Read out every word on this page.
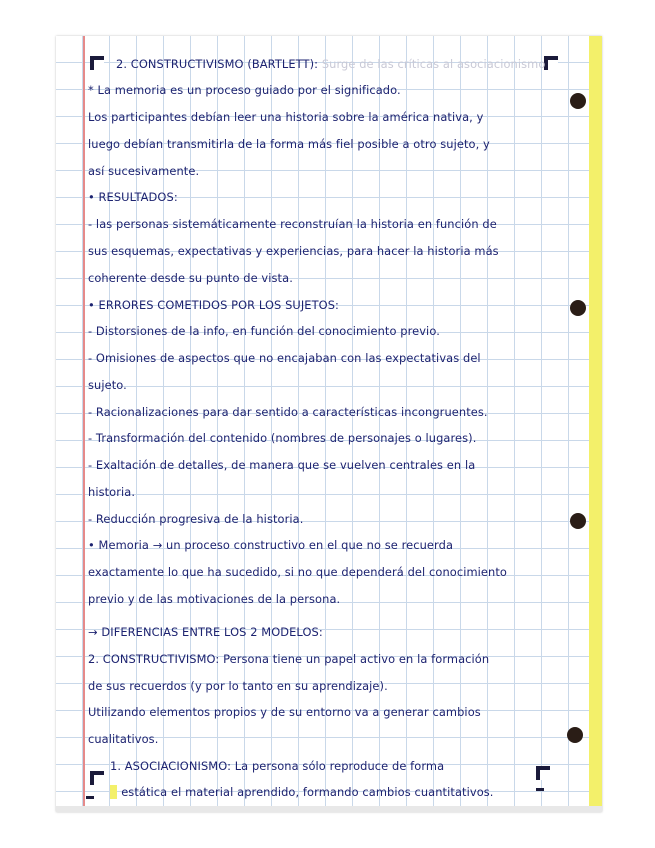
2. CONSTRUCTIVISMO (BARTLETT): Surge de las críticas al asociacionismo

* La memoria es un proceso guiado por el significado.

Los participantes debían leer una historia sobre la américa nativa, y

luego debían transmitirla de la forma más fiel posible a otro sujeto, y

así sucesivamente.

• RESULTADOS:

- las personas sistemáticamente reconstruían la historia en función de

sus esquemas, expectativas y experiencias, para hacer la historia más

coherente desde su punto de vista.

• ERRORES COMETIDOS POR LOS SUJETOS:

- Distorsiones de la info, en función del conocimiento previo.

- Omisiones de aspectos que no encajaban con las expectativas del

sujeto.

- Racionalizaciones para dar sentido a características incongruentes.

- Transformación del contenido (nombres de personajes o lugares).

- Exaltación de detalles, de manera que se vuelven centrales en la

historia.

- Reducción progresiva de la historia.

• Memoria → un proceso constructivo en el que no se recuerda

exactamente lo que ha sucedido, si no que dependerá del conocimiento

previo y de las motivaciones de la persona.

→ DIFERENCIAS ENTRE LOS 2 MODELOS:

2. CONSTRUCTIVISMO: Persona tiene un papel activo en la formación

de sus recuerdos (y por lo tanto en su aprendizaje).

Utilizando elementos propios y de su entorno va a generar cambios

cualitativos.

1. ASOCIACIONISMO: La persona sólo reproduce de forma

estática el material aprendido, formando cambios cuantitativos.
